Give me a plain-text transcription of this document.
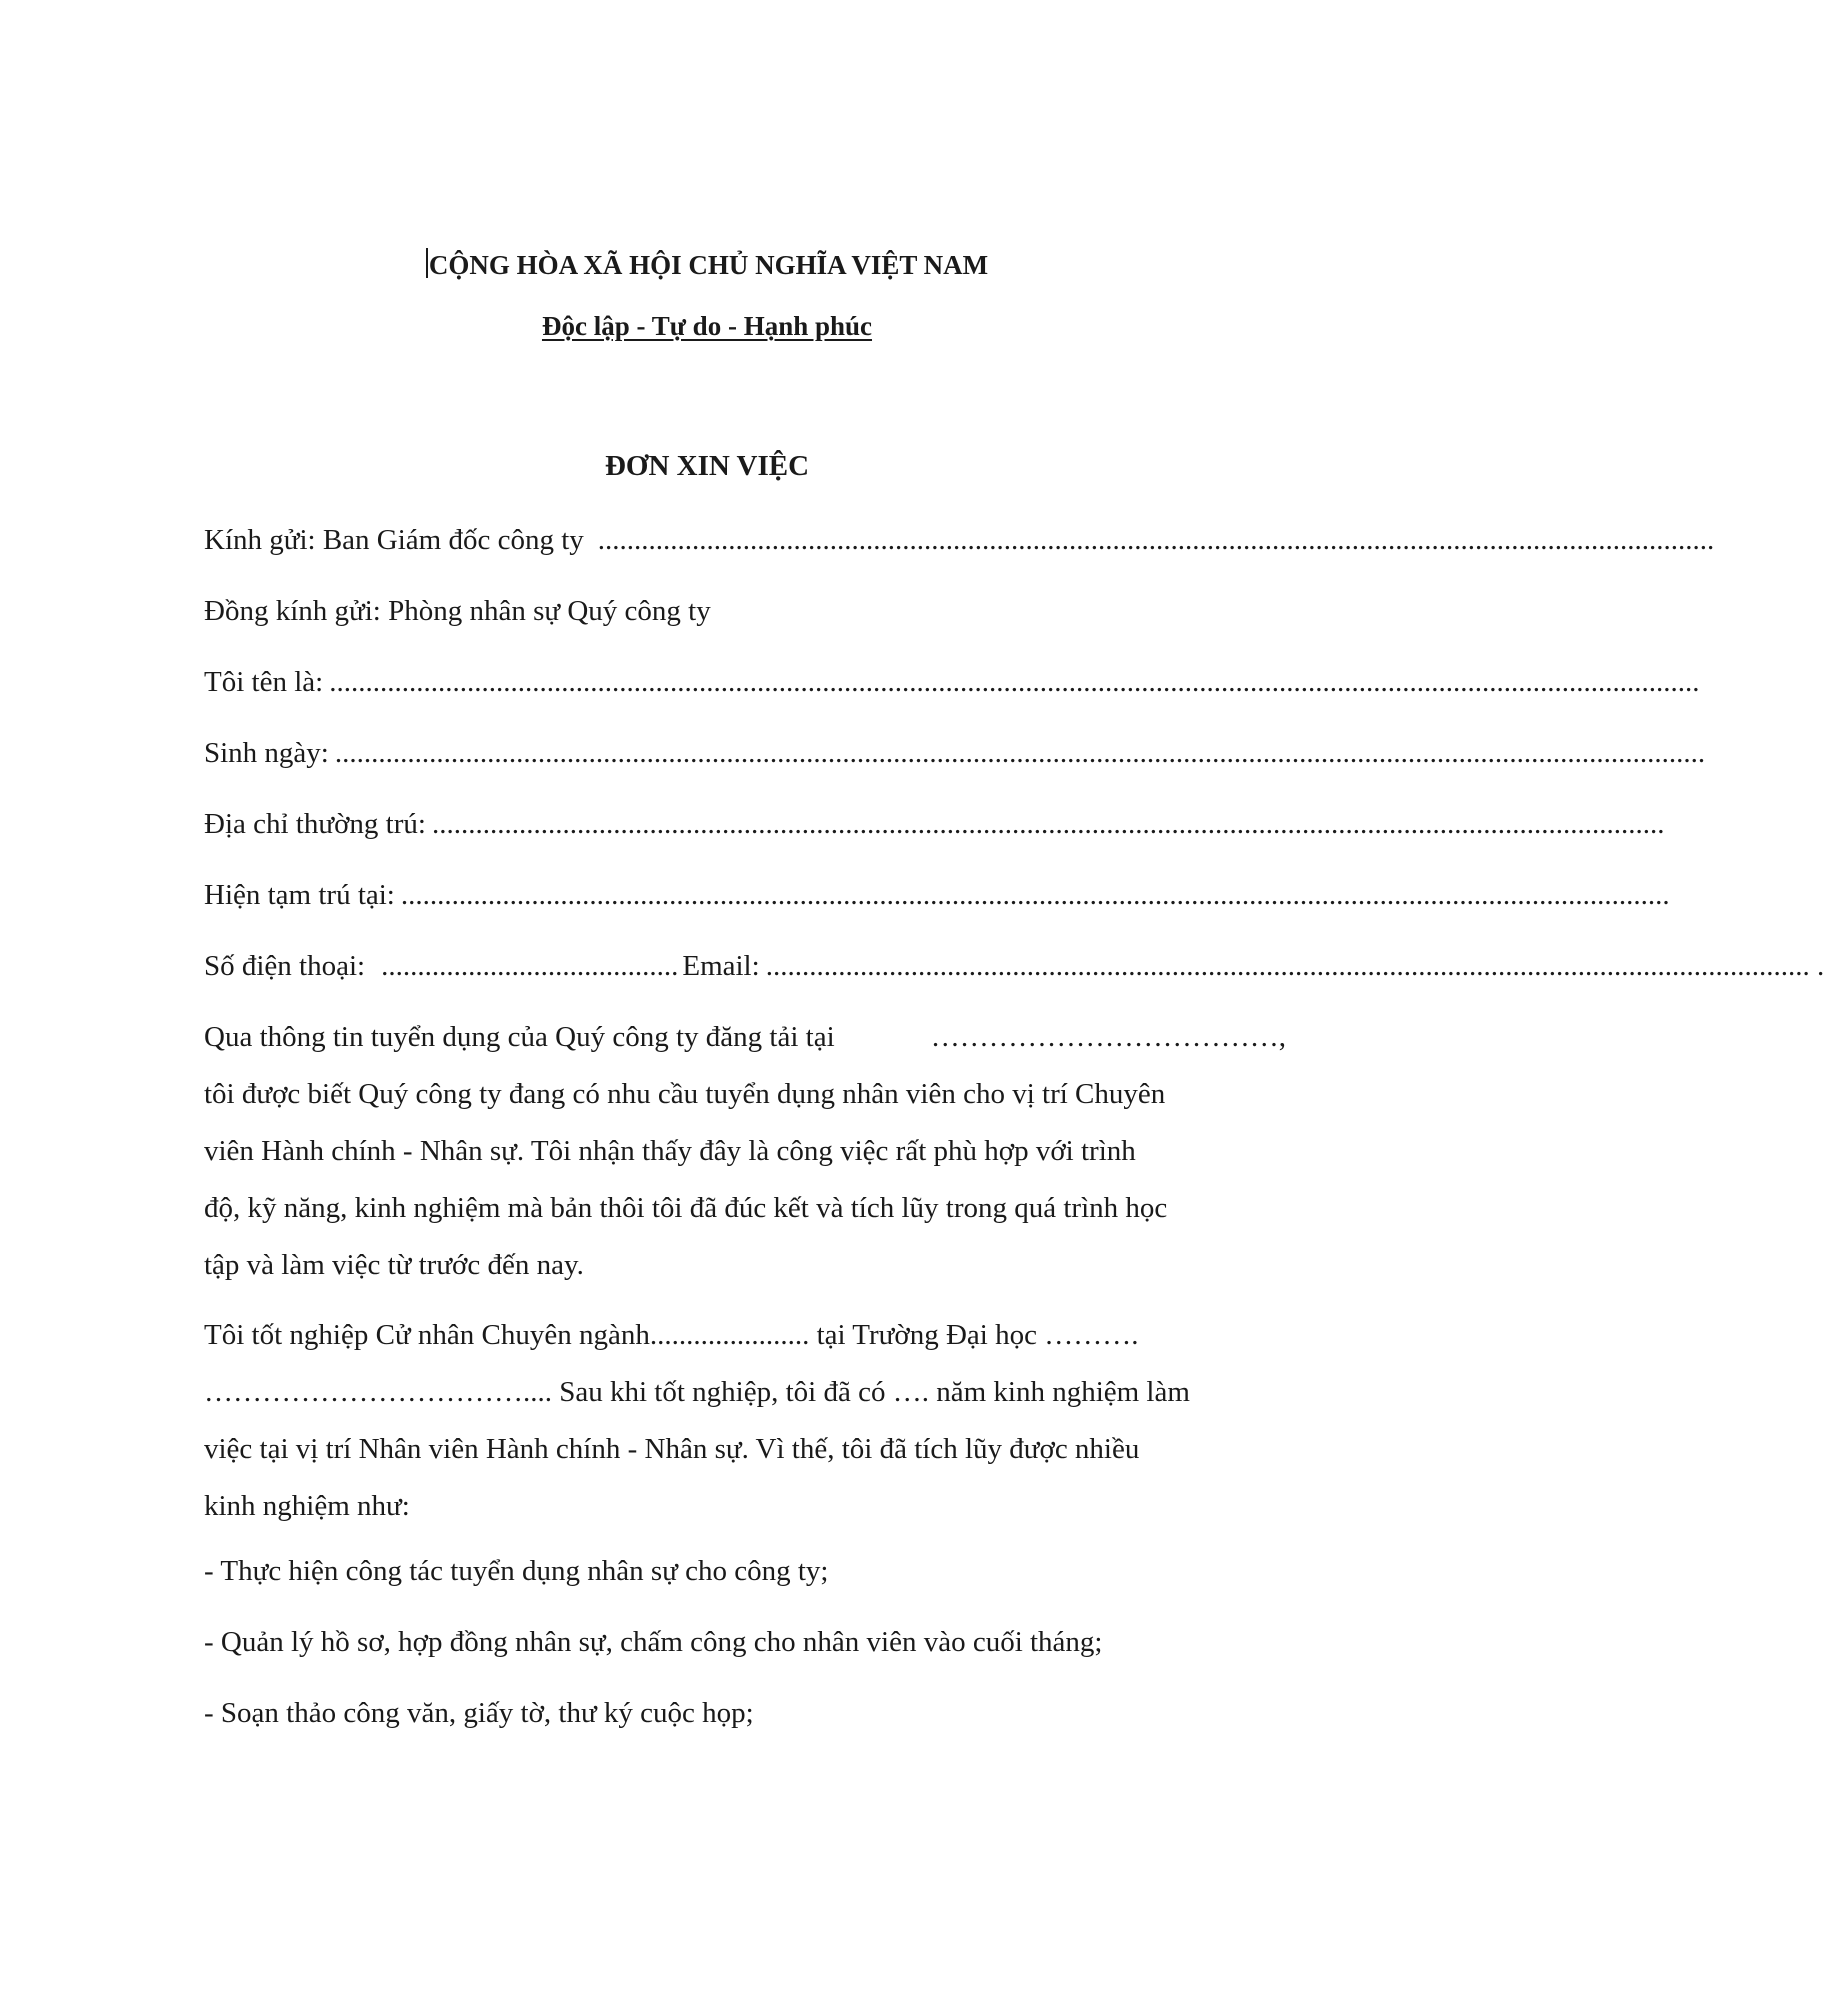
CỘNG HÒA XÃ HỘI CHỦ NGHĨA VIỆT NAM
Độc lập - Tự do - Hạnh phúc
ĐƠN XIN VIỆC
Kính gửi: Ban Giám đốc công ty ..........................................................................................................................................................
Đồng kính gửi: Phòng nhân sự Quý công ty
Tôi tên là: .............................................................................................................................................................................................
Sinh ngày: .............................................................................................................................................................................................
Địa chỉ thường trú: ..........................................................................................................................................................................
Hiện tạm trú tại: ...............................................................................................................................................................................
Số điện thoại: ......................................... Email: ................................................................................................................................................ .
Qua thông tin tuyển dụng của Quý công ty đăng tải tại	………………………………,
tôi được biết Quý công ty đang có nhu cầu tuyển dụng nhân viên cho vị trí Chuyên
viên Hành chính - Nhân sự. Tôi nhận thấy đây là công việc rất phù hợp với trình
độ, kỹ năng, kinh nghiệm mà bản thôi tôi đã đúc kết và tích lũy trong quá trình học
tập và làm việc từ trước đến nay.
Tôi tốt nghiệp Cử nhân Chuyên ngành...................... tại Trường Đại học ……….
…………………………….... Sau khi tốt nghiệp, tôi đã có …. năm kinh nghiệm làm
việc tại vị trí Nhân viên Hành chính - Nhân sự. Vì thế, tôi đã tích lũy được nhiều
kinh nghiệm như:
- Thực hiện công tác tuyển dụng nhân sự cho công ty;
- Quản lý hồ sơ, hợp đồng nhân sự, chấm công cho nhân viên vào cuối tháng;
- Soạn thảo công văn, giấy tờ, thư ký cuộc họp;
